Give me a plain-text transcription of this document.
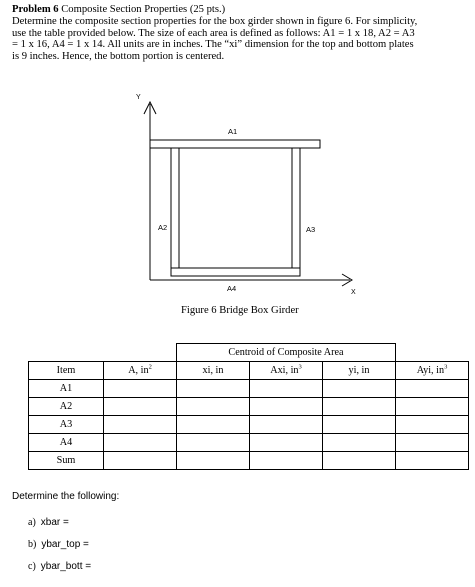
Problem 6 Composite Section Properties (25 pts.)

Determine the composite section properties for the box girder shown in figure 6. For simplicity,

use the table provided below. The size of each area is defined as follows: A1 = 1 x 18, A2 = A3

= 1 x 16, A4 = 1 x 14. All units are in inches. The “xi” dimension for the top and bottom plates

is 9 inches. Hence, the bottom portion is centered.

Y
X
A1
A2	A3
A4
Figure 6 Bridge Box Girder
		Centroid of Composite Area			
Item	A, $in^2$	xi, in	Axi, $in^3$	yi, in	Ayi, $in^3$
A1					
A2					
A3					
A4					
Sum					
Determine the following:
a) xbar =
b) ybar_top =
c) ybar_bott =
